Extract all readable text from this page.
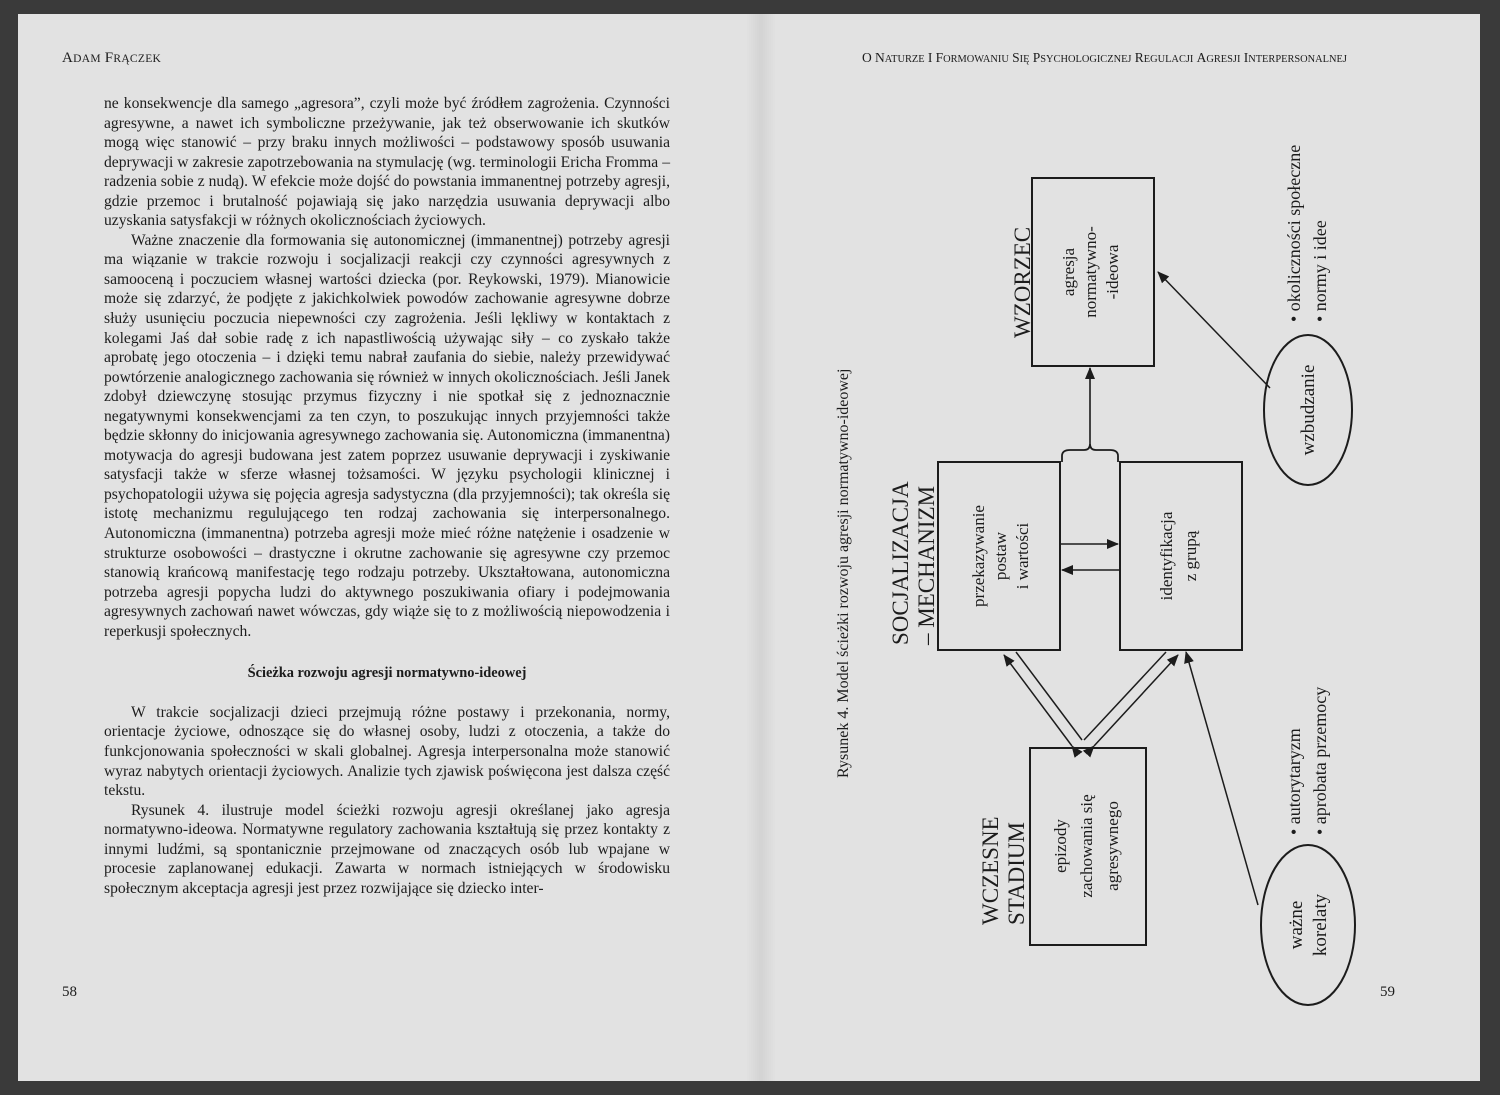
ADAM FRĄCZEK

ne konsekwencje dla samego „agresora”, czyli może być źródłem zagrożenia. Czynności agresywne, a nawet ich symboliczne przeżywanie, jak też obserwowanie ich skutków mogą więc stanowić – przy braku innych możliwości – podstawowy sposób usuwania deprywacji w zakresie zapotrzebowania na stymulację (wg. terminologii Ericha Fromma – radzenia sobie z nudą). W efekcie może dojść do powstania immanentnej potrzeby agresji, gdzie przemoc i brutalność pojawiają się jako narzędzia usuwania deprywacji albo uzyskania satysfakcji w różnych okolicznościach życiowych.

Ważne znaczenie dla formowania się autonomicznej (immanentnej) potrzeby agresji ma wiązanie w trakcie rozwoju i socjalizacji reakcji czy czynności agresywnych z samooceną i poczuciem własnej wartości dziecka (por. Reykowski, 1979). Mianowicie może się zdarzyć, że podjęte z jakichkolwiek powodów zachowanie agresywne dobrze służy usunięciu poczucia niepewności czy zagrożenia. Jeśli lękliwy w kontaktach z kolegami Jaś dał sobie radę z ich napastliwością używając siły – co zyskało także aprobatę jego otoczenia – i dzięki temu nabrał zaufania do siebie, należy przewidywać powtórzenie analogicznego zachowania się również w innych okolicznościach. Jeśli Janek zdobył dziewczynę stosując przymus fizyczny i nie spotkał się z jednoznacznie negatywnymi konsekwencjami za ten czyn, to poszukując innych przyjemności także będzie skłonny do inicjowania agresywnego zachowania się. Autonomiczna (immanentna) motywacja do agresji budowana jest zatem poprzez usuwanie deprywacji i zyskiwanie satysfacji także w sferze własnej tożsamości. W języku psychologii klinicznej i psychopatologii używa się pojęcia agresja sadystyczna (dla przyjemności); tak określa się istotę mechanizmu regulującego ten rodzaj zachowania się interpersonalnego. Autonomiczna (immanentna) potrzeba agresji może mieć różne natężenie i osadzenie w strukturze osobowości – drastyczne i okrutne zachowanie się agresywne czy przemoc stanowią krańcową manifestację tego rodzaju potrzeby. Ukształtowana, autonomiczna potrzeba agresji popycha ludzi do aktywnego poszukiwania ofiary i podejmowania agresywnych zachowań nawet wówczas, gdy wiąże się to z możliwością niepowodzenia i reperkusji społecznych.

Ścieżka rozwoju agresji normatywno-ideowej

W trakcie socjalizacji dzieci przejmują różne postawy i przekonania, normy, orientacje życiowe, odnoszące się do własnej osoby, ludzi z otoczenia, a także do funkcjonowania społeczności w skali globalnej. Agresja interpersonalna może stanowić wyraz nabytych orientacji życiowych. Analizie tych zjawisk poświęcona jest dalsza część tekstu.

Rysunek 4. ilustruje model ścieżki rozwoju agresji określanej jako agresja normatywno-ideowa. Normatywne regulatory zachowania kształtują się przez kontakty z innymi ludźmi, są spontanicznie przejmowane od znaczących osób lub wpajane w procesie zaplanowanej edukacji. Zawarta w normach istniejących w środowisku społecznym akceptacja agresji jest przez rozwijające się dziecko inter-

58
O NATURZE I FORMOWANIU SIĘ PSYCHOLOGICZNEJ REGULACJI AGRESJI INTERPERSONALNEJ
59
Rysunek 4. Model ścieżki rozwoju agresji normatywno-ideowej
WCZESNE STADIUM epizody zachowania się agresywnego
SOCJALIZACJA – MECHANIZM przekazywanie postaw i wartości	identyfikacja z grupą
WZORZEC agresja normatywno- -ideowa
ważne korelaty
• autorytaryzm • aprobata przemocy
wzbudzanie
• okoliczności społeczne • normy i idee
